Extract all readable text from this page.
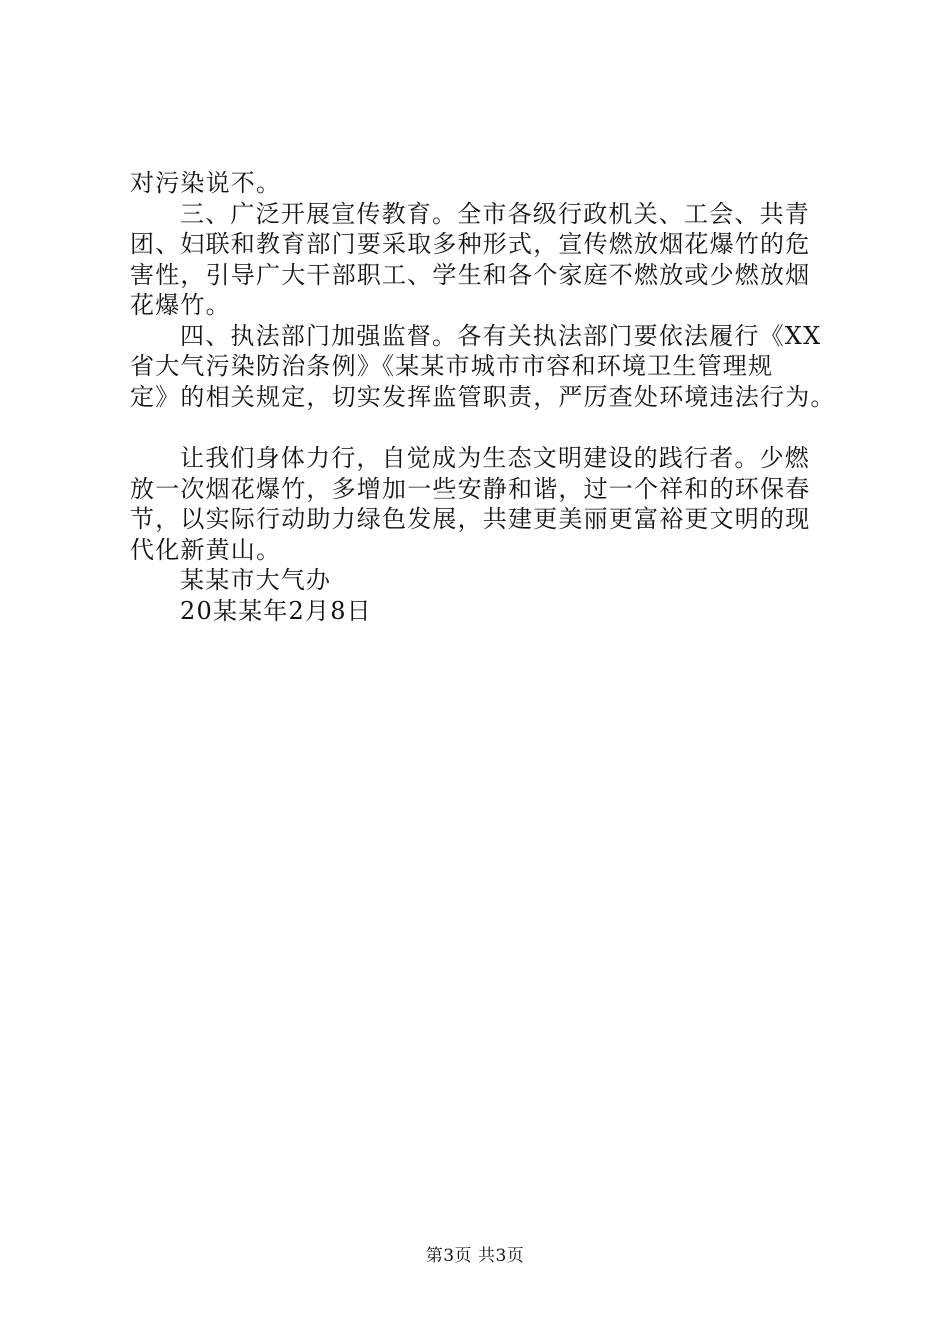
对污染说不。

三、广泛开展宣传教育。全市各级行政机关、工会、共青

团、妇联和教育部门要采取多种形式，宣传燃放烟花爆竹的危

害性，引导广大干部职工、学生和各个家庭不燃放或少燃放烟

花爆竹。

四、执法部门加强监督。各有关执法部门要依法履行《XX

省大气污染防治条例》《某某市城市市容和环境卫生管理规

定》的相关规定，切实发挥监管职责，严厉查处环境违法行为。

让我们身体力行，自觉成为生态文明建设的践行者。少燃

放一次烟花爆竹，多增加一些安静和谐，过一个祥和的环保春

节，以实际行动助力绿色发展，共建更美丽更富裕更文明的现

代化新黄山。

某某市大气办

20某某年2月8日

第3页 共3页
